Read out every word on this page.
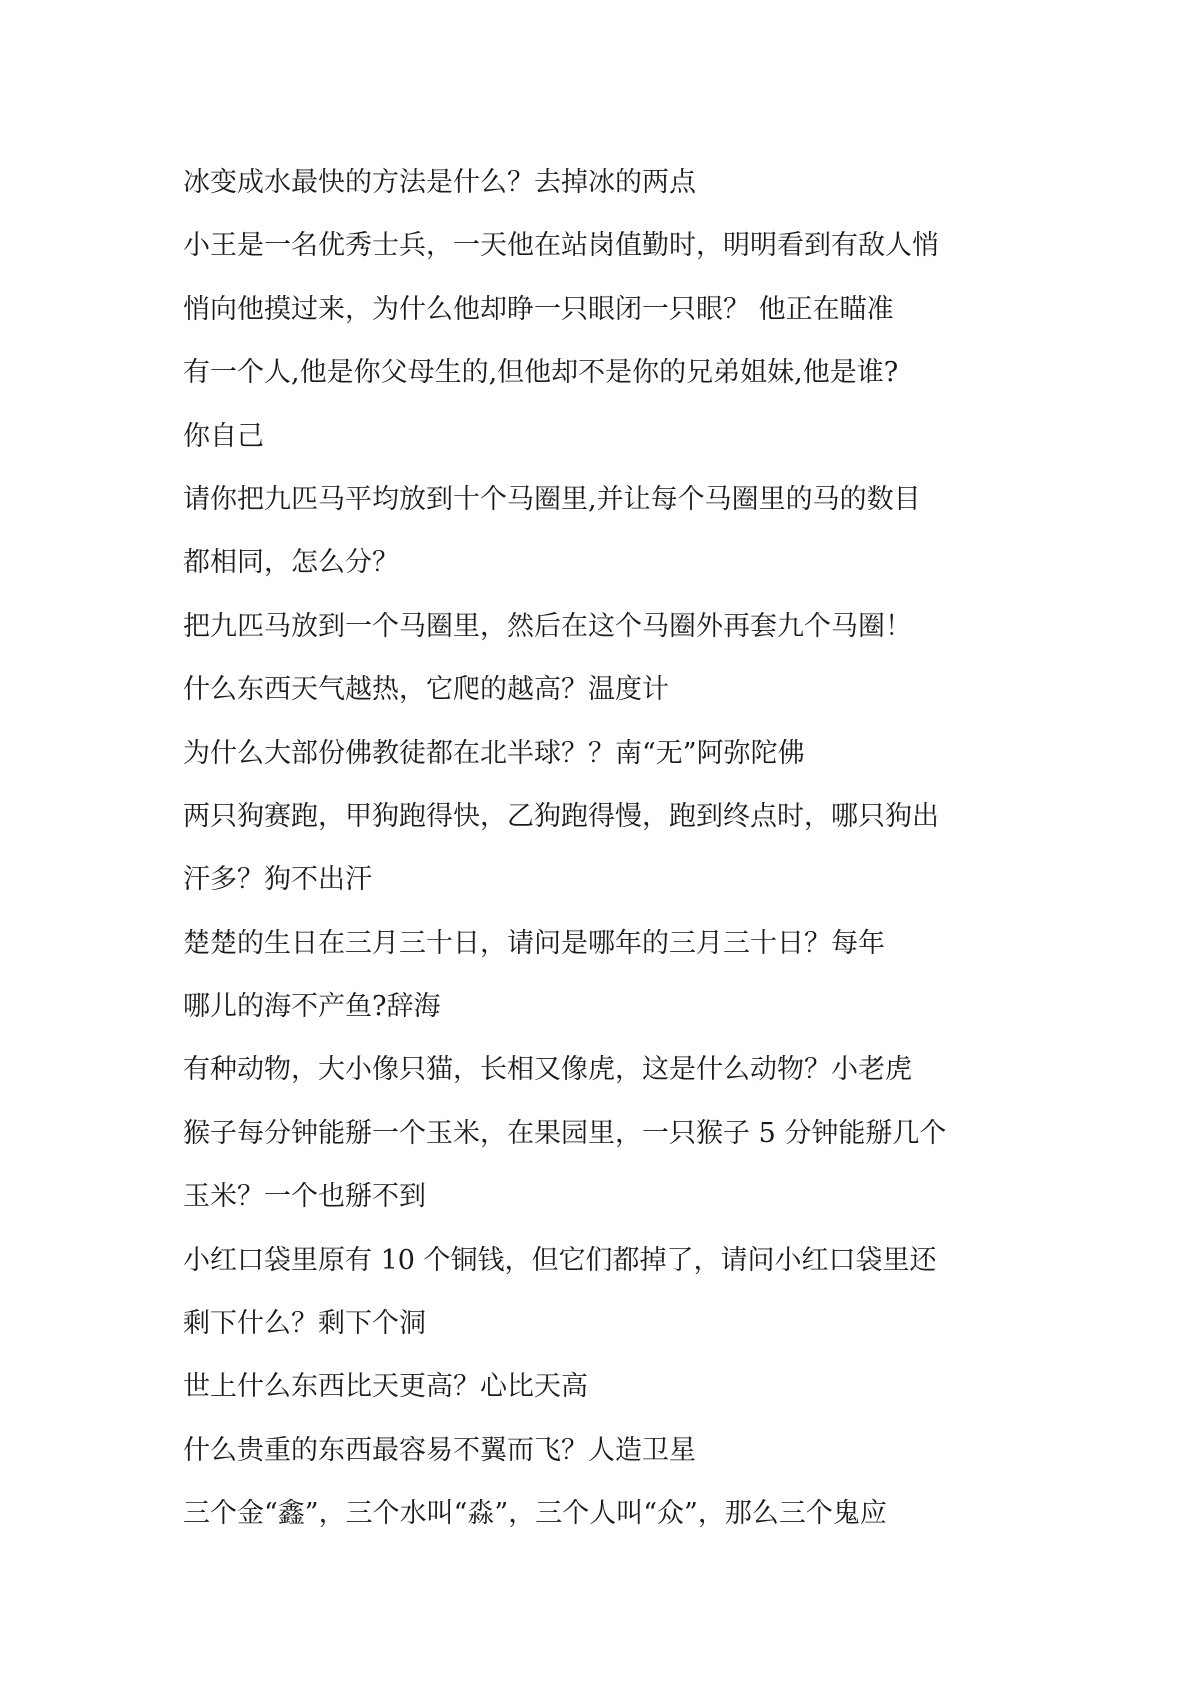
冰变成水最快的方法是什么？去掉冰的两点
小王是一名优秀士兵，一天他在站岗值勤时，明明看到有敌人悄
悄向他摸过来，为什么他却睁一只眼闭一只眼？ 他正在瞄准
有一个人,他是你父母生的,但他却不是你的兄弟姐妹,他是谁?
你自己
请你把九匹马平均放到十个马圈里,并让每个马圈里的马的数目
都相同，怎么分？
把九匹马放到一个马圈里，然后在这个马圈外再套九个马圈！
什么东西天气越热，它爬的越高？温度计
为什么大部份佛教徒都在北半球？？南“无”阿弥陀佛
两只狗赛跑，甲狗跑得快，乙狗跑得慢，跑到终点时，哪只狗出
汗多？狗不出汗
楚楚的生日在三月三十日，请问是哪年的三月三十日？每年
哪儿的海不产鱼?辞海
有种动物，大小像只猫，长相又像虎，这是什么动物？小老虎
猴子每分钟能掰一个玉米，在果园里，一只猴子 5 分钟能掰几个
玉米？一个也掰不到
小红口袋里原有 10 个铜钱，但它们都掉了，请问小红口袋里还
剩下什么？剩下个洞
世上什么东西比天更高？心比天高
什么贵重的东西最容易不翼而飞？人造卫星
三个金“鑫”，三个水叫“淼”，三个人叫“众”，那么三个鬼应
